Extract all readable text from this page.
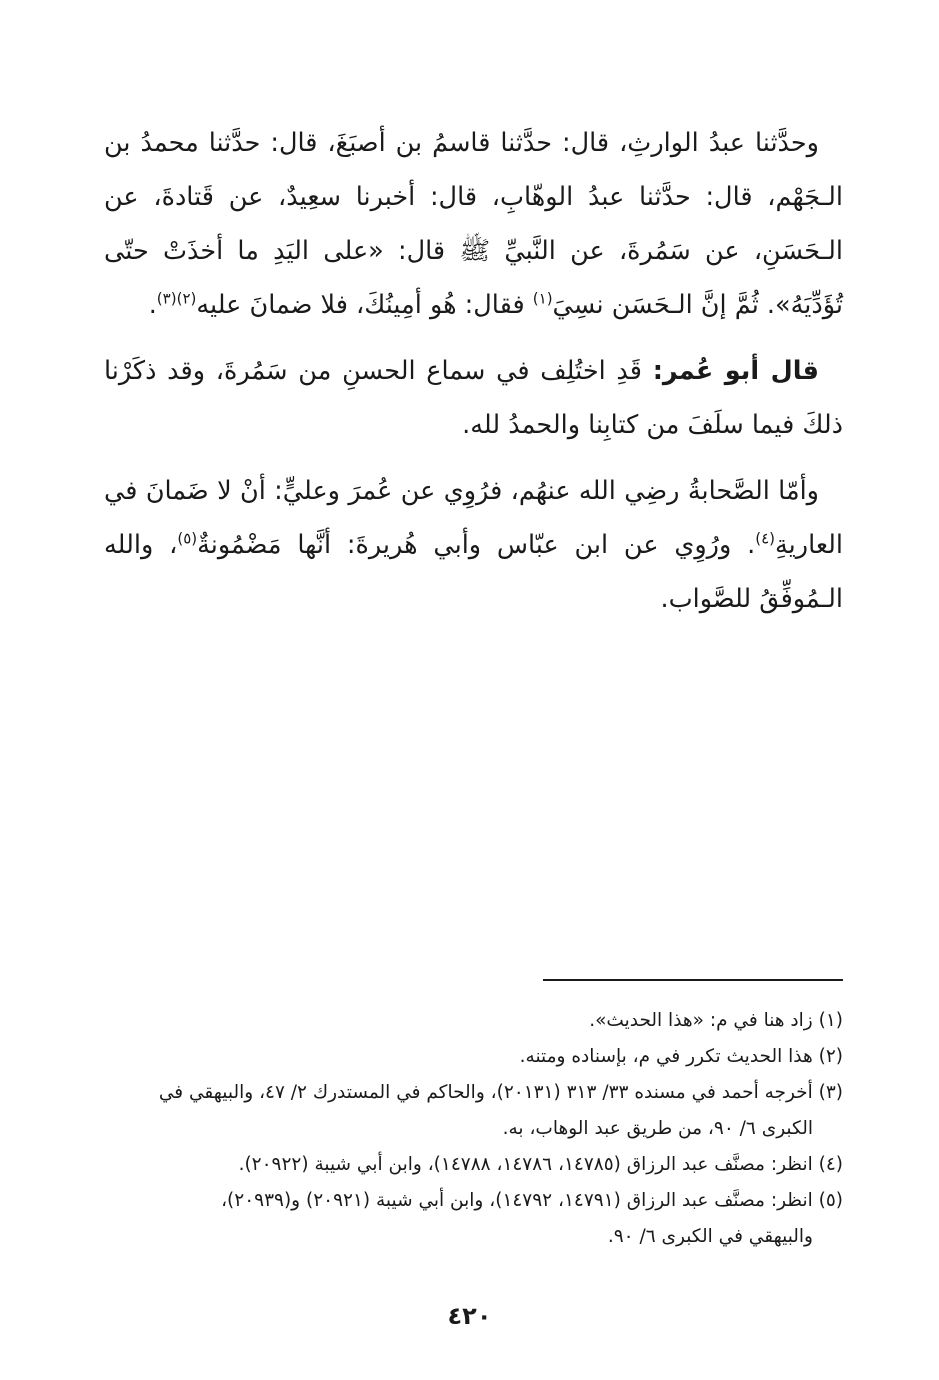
وحدَّثنا عبدُ الوارثِ، قال: حدَّثنا قاسمُ بن أصبَغَ، قال: حدَّثنا محمدُ بن الـجَهْم، قال: حدَّثنا عبدُ الوهّابِ، قال: أخبرنا سعِيدٌ، عن قَتادةَ، عن الـحَسَنِ، عن سَمُرةَ، عن النَّبيِّ ﷺ قال: «على اليَدِ ما أخذَتْ حتّى تُؤَدِّيَهُ». ثُمَّ إنَّ الـحَسَن نسِيَ$^{(١)}$ فقال: هُو أمِينُكَ، فلا ضمانَ عليه$^{(٢)(٣)}$.

قال أبو عُمر: قَدِ اختُلِف في سماع الحسنِ من سَمُرةَ، وقد ذكَرْنا ذلكَ فيما سلَفَ من كتابِنا والحمدُ لله.

وأمّا الصَّحابةُ رضِي الله عنهُم، فرُوِي عن عُمرَ وعليٍّ: أنْ لا ضَمانَ في العاريةِ$^{(٤)}$. ورُوِي عن ابن عبّاس وأبي هُريرةَ: أنَّها مَضْمُونةٌ$^{(٥)}$، والله الـمُوفِّقُ للصَّواب.

(١) زاد هنا في م: «هذا الحديث».

(٢) هذا الحديث تكرر في م، بإسناده ومتنه.

(٣) أخرجه أحمد في مسنده ٣٣/ ٣١٣ (٢٠١٣١)، والحاكم في المستدرك ٢/ ٤٧، والبيهقي في

الكبرى ٦/ ٩٠، من طريق عبد الوهاب، به.

(٤) انظر: مصنَّف عبد الرزاق (١٤٧٨٥، ١٤٧٨٦، ١٤٧٨٨)، وابن أبي شيبة (٢٠٩٢٢).

(٥) انظر: مصنَّف عبد الرزاق (١٤٧٩١، ١٤٧٩٢)، وابن أبي شيبة (٢٠٩٢١) و(٢٠٩٣٩)،

والبيهقي في الكبرى ٦/ ٩٠.

٤٢٠
